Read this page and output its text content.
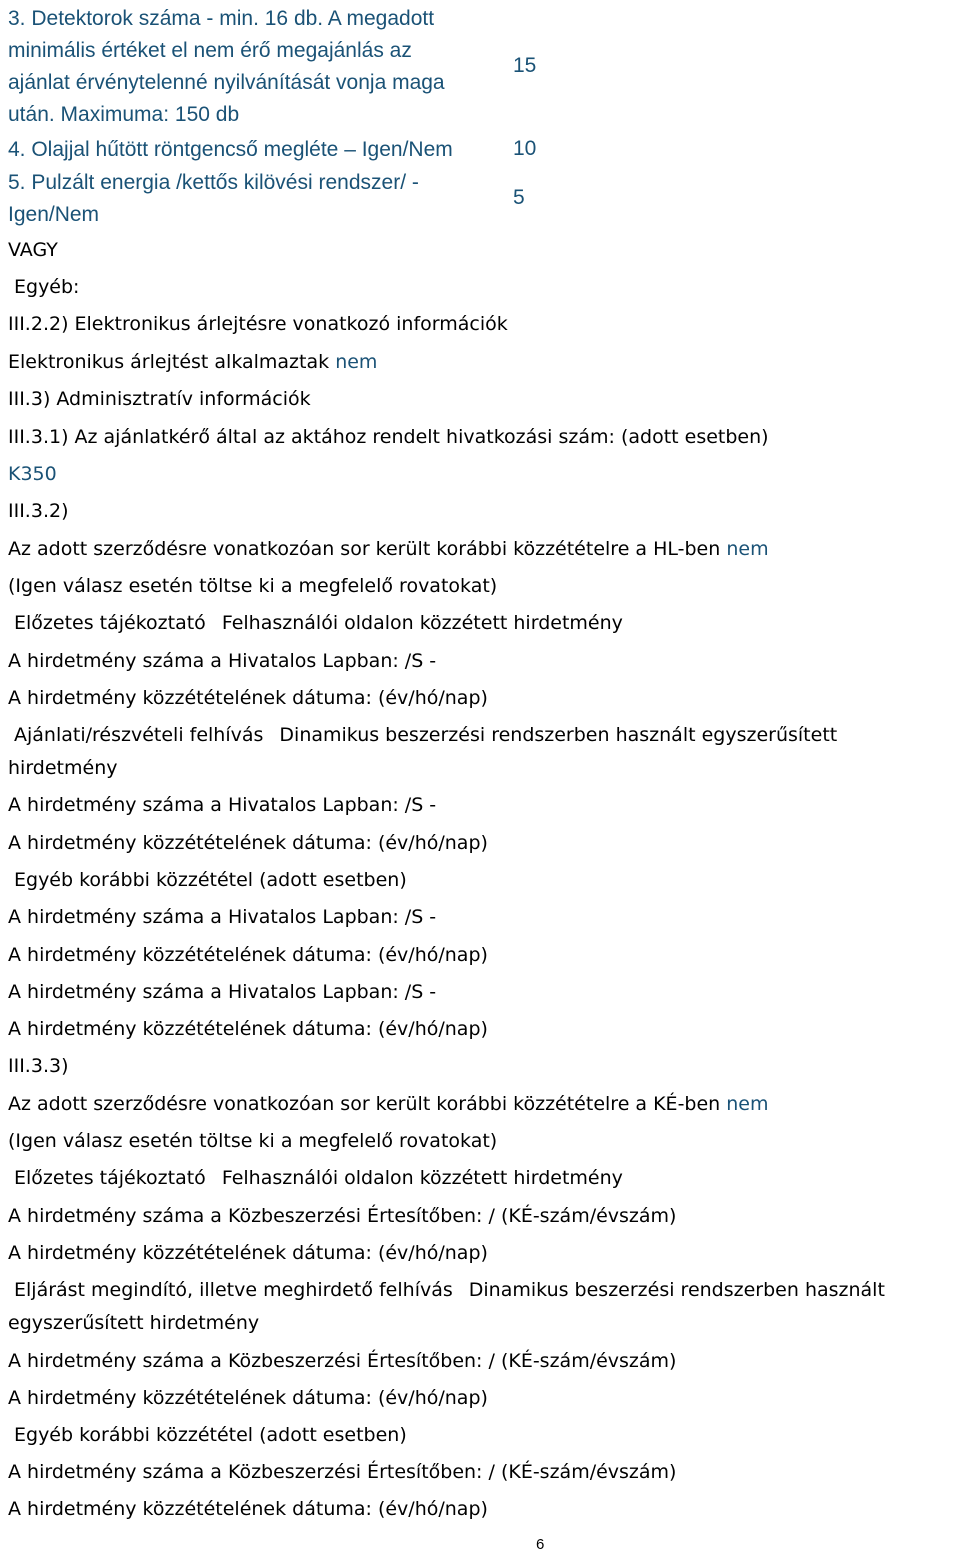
3. Detektorok száma - min. 16 db. A megadott

minimális értéket el nem érő megajánlás az

ajánlat érvénytelenné nyilvánítását vonja maga

után. Maximuma: 150 db

15

4. Olajjal hűtött röntgencső megléte – Igen/Nem	10

5. Pulzált energia /kettős kilövési rendszer/ -

Igen/Nem

5

VAGY

Egyéb:

III.2.2) Elektronikus árlejtésre vonatkozó információk

Elektronikus árlejtést alkalmaztak nem

III.3) Adminisztratív információk

III.3.1) Az ajánlatkérő által az aktához rendelt hivatkozási szám: (adott esetben)

K350

III.3.2)

Az adott szerződésre vonatkozóan sor került korábbi közzétételre a HL-ben nem

(Igen válasz esetén töltse ki a megfelelő rovatokat)

Előzetes tájékoztató Felhasználói oldalon közzétett hirdetmény

A hirdetmény száma a Hivatalos Lapban: /S -

A hirdetmény közzétételének dátuma: (év/hó/nap)

Ajánlati/részvételi felhívás Dinamikus beszerzési rendszerben használt egyszerűsített

hirdetmény

A hirdetmény száma a Hivatalos Lapban: /S -

A hirdetmény közzétételének dátuma: (év/hó/nap)

Egyéb korábbi közzététel (adott esetben)

A hirdetmény száma a Hivatalos Lapban: /S -

A hirdetmény közzétételének dátuma: (év/hó/nap)

A hirdetmény száma a Hivatalos Lapban: /S -

A hirdetmény közzétételének dátuma: (év/hó/nap)

III.3.3)

Az adott szerződésre vonatkozóan sor került korábbi közzétételre a KÉ-ben nem

(Igen válasz esetén töltse ki a megfelelő rovatokat)

Előzetes tájékoztató Felhasználói oldalon közzétett hirdetmény

A hirdetmény száma a Közbeszerzési Értesítőben: / (KÉ-szám/évszám)

A hirdetmény közzétételének dátuma: (év/hó/nap)

Eljárást megindító, illetve meghirdető felhívás Dinamikus beszerzési rendszerben használt

egyszerűsített hirdetmény

A hirdetmény száma a Közbeszerzési Értesítőben: / (KÉ-szám/évszám)

A hirdetmény közzétételének dátuma: (év/hó/nap)

Egyéb korábbi közzététel (adott esetben)

A hirdetmény száma a Közbeszerzési Értesítőben: / (KÉ-szám/évszám)

A hirdetmény közzétételének dátuma: (év/hó/nap)

6
